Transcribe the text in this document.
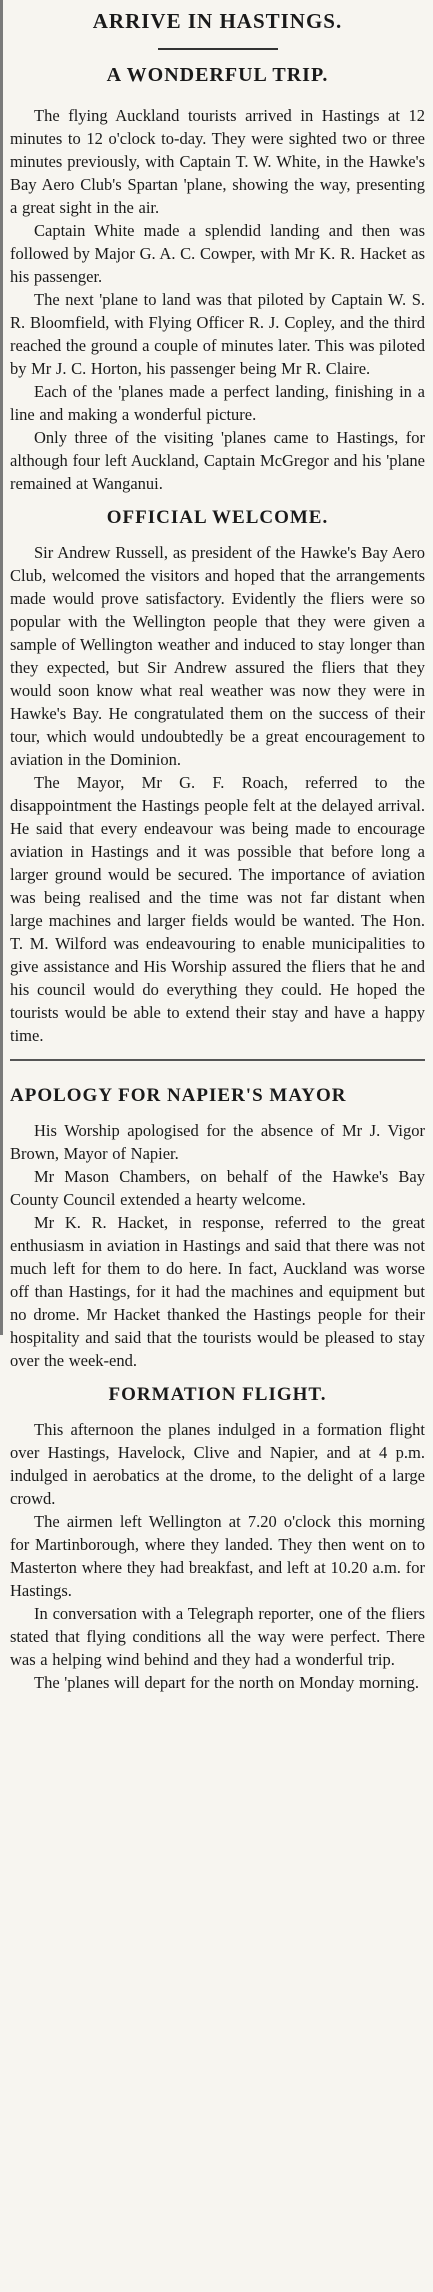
ARRIVE IN HASTINGS.
A WONDERFUL TRIP.

The flying Auckland tourists arrived in Hastings at 12 minutes to 12 o'clock to-day. They were sighted two or three minutes previously, with Captain T. W. White, in the Hawke's Bay Aero Club's Spartan 'plane, showing the way, presenting a great sight in the air.

Captain White made a splendid landing and then was followed by Major G. A. C. Cowper, with Mr K. R. Hacket as his passenger.

The next 'plane to land was that piloted by Captain W. S. R. Bloomfield, with Flying Officer R. J. Copley, and the third reached the ground a couple of minutes later. This was piloted by Mr J. C. Horton, his passenger being Mr R. Claire.

Each of the 'planes made a perfect landing, finishing in a line and making a wonderful picture.

Only three of the visiting 'planes came to Hastings, for although four left Auckland, Captain McGregor and his 'plane remained at Wanganui.

OFFICIAL WELCOME.

Sir Andrew Russell, as president of the Hawke's Bay Aero Club, welcomed the visitors and hoped that the arrangements made would prove satisfactory. Evidently the fliers were so popular with the Wellington people that they were given a sample of Wellington weather and induced to stay longer than they expected, but Sir Andrew assured the fliers that they would soon know what real weather was now they were in Hawke's Bay. He congratulated them on the success of their tour, which would undoubtedly be a great encouragement to aviation in the Dominion.

The Mayor, Mr G. F. Roach, referred to the disappointment the Hastings people felt at the delayed arrival. He said that every endeavour was being made to encourage aviation in Hastings and it was possible that before long a larger ground would be secured. The importance of aviation was being realised and the time was not far distant when large machines and larger fields would be wanted. The Hon. T. M. Wilford was endeavouring to enable municipalities to give assistance and His Worship assured the fliers that he and his council would do everything they could. He hoped the tourists would be able to extend their stay and have a happy time.

APOLOGY FOR NAPIER'S MAYOR

His Worship apologised for the absence of Mr J. Vigor Brown, Mayor of Napier.

Mr Mason Chambers, on behalf of the Hawke's Bay County Council extended a hearty welcome.

Mr K. R. Hacket, in response, referred to the great enthusiasm in aviation in Hastings and said that there was not much left for them to do here. In fact, Auckland was worse off than Hastings, for it had the machines and equipment but no drome. Mr Hacket thanked the Hastings people for their hospitality and said that the tourists would be pleased to stay over the week-end.

FORMATION FLIGHT.

This afternoon the planes indulged in a formation flight over Hastings, Havelock, Clive and Napier, and at 4 p.m. indulged in aerobatics at the drome, to the delight of a large crowd.

The airmen left Wellington at 7.20 o'clock this morning for Martinborough, where they landed. They then went on to Masterton where they had breakfast, and left at 10.20 a.m. for Hastings.

In conversation with a Telegraph reporter, one of the fliers stated that flying conditions all the way were perfect. There was a helping wind behind and they had a wonderful trip.

The 'planes will depart for the north on Monday morning.
